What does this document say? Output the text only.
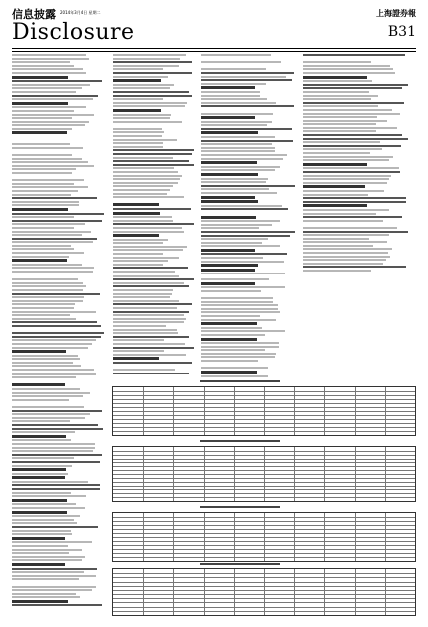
信息披露 2014年3月4日 星期二
Disclosure
上海證券報
B31
